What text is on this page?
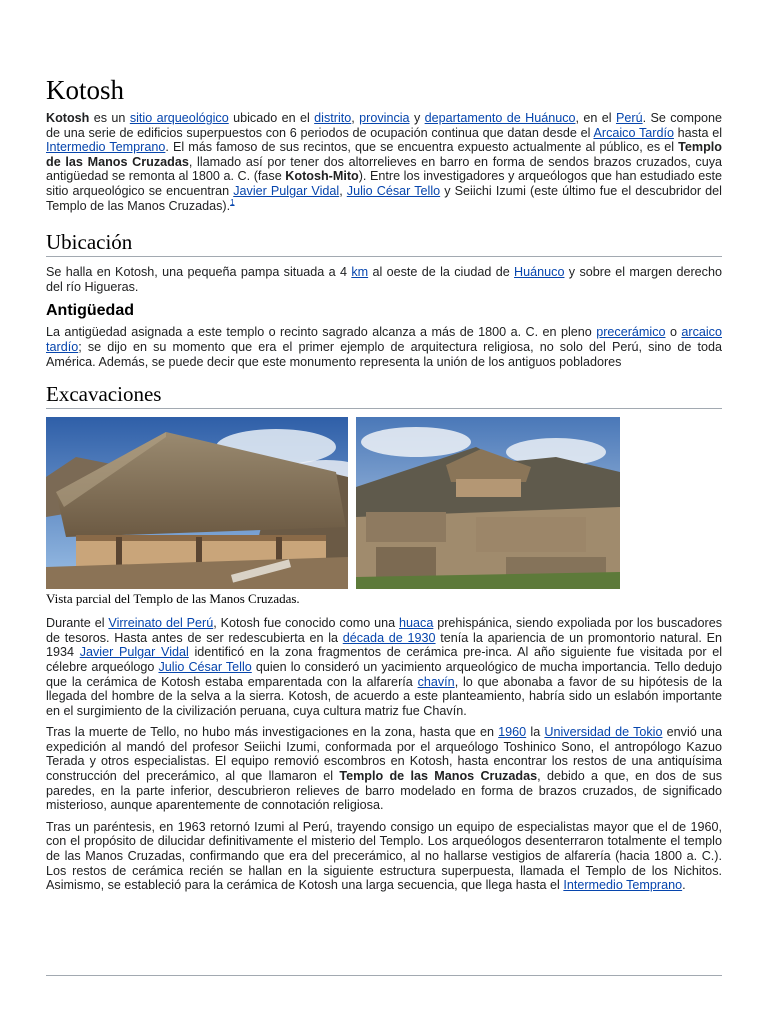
Kotosh

Kotosh es un sitio arqueológico ubicado en el distrito, provincia y departamento de Huánuco, en el Perú. Se compone de una serie de edificios superpuestos con 6 periodos de ocupación continua que datan desde el Arcaico Tardío hasta el Intermedio Temprano. El más famoso de sus recintos, que se encuentra expuesto actualmente al público, es el Templo de las Manos Cruzadas, llamado así por tener dos altorrelieves en barro en forma de sendos brazos cruzados, cuya antigüedad se remonta al 1800 a. C. (fase Kotosh-Mito). Entre los investigadores y arqueólogos que han estudiado este sitio arqueológico se encuentran Javier Pulgar Vidal, Julio César Tello y Seiichi Izumi (este último fue el descubridor del Templo de las Manos Cruzadas).$^1$

Ubicación

Se halla en Kotosh, una pequeña pampa situada a 4 km al oeste de la ciudad de Huánuco y sobre el margen derecho del río Higueras.

Antigüedad

La antigüedad asignada a este templo o recinto sagrado alcanza a más de 1800 a. C. en pleno precerámico o arcaico tardío; se dijo en su momento que era el primer ejemplo de arquitectura religiosa, no solo del Perú, sino de toda América. Además, se puede decir que este monumento representa la unión de los antiguos pobladores

Excavaciones
Vista parcial del Templo de las Manos Cruzadas.

Durante el Virreinato del Perú, Kotosh fue conocido como una huaca prehispánica, siendo expoliada por los buscadores de tesoros. Hasta antes de ser redescubierta en la década de 1930 tenía la apariencia de un promontorio natural. En 1934 Javier Pulgar Vidal identificó en la zona fragmentos de cerámica pre-inca. Al año siguiente fue visitada por el célebre arqueólogo Julio César Tello quien lo consideró un yacimiento arqueológico de mucha importancia. Tello dedujo que la cerámica de Kotosh estaba emparentada con la alfarería chavín, lo que abonaba a favor de su hipótesis de la llegada del hombre de la selva a la sierra. Kotosh, de acuerdo a este planteamiento, habría sido un eslabón importante en el surgimiento de la civilización peruana, cuya cultura matriz fue Chavín.

Tras la muerte de Tello, no hubo más investigaciones en la zona, hasta que en 1960 la Universidad de Tokio envió una expedición al mandó del profesor Seiichi Izumi, conformada por el arqueólogo Toshinico Sono, el antropólogo Kazuo Terada y otros especialistas. El equipo removió escombros en Kotosh, hasta encontrar los restos de una antiquísima construcción del precerámico, al que llamaron el Templo de las Manos Cruzadas, debido a que, en dos de sus paredes, en la parte inferior, descubrieron relieves de barro modelado en forma de brazos cruzados, de significado misterioso, aunque aparentemente de connotación religiosa.

Tras un paréntesis, en 1963 retornó Izumi al Perú, trayendo consigo un equipo de especialistas mayor que el de 1960, con el propósito de dilucidar definitivamente el misterio del Templo. Los arqueólogos desenterraron totalmente el templo de las Manos Cruzadas, confirmando que era del precerámico, al no hallarse vestigios de alfarería (hacia 1800 a. C.). Los restos de cerámica recién se hallan en la siguiente estructura superpuesta, llamada el Templo de los Nichitos. Asimismo, se estableció para la cerámica de Kotosh una larga secuencia, que llega hasta el Intermedio Temprano.
